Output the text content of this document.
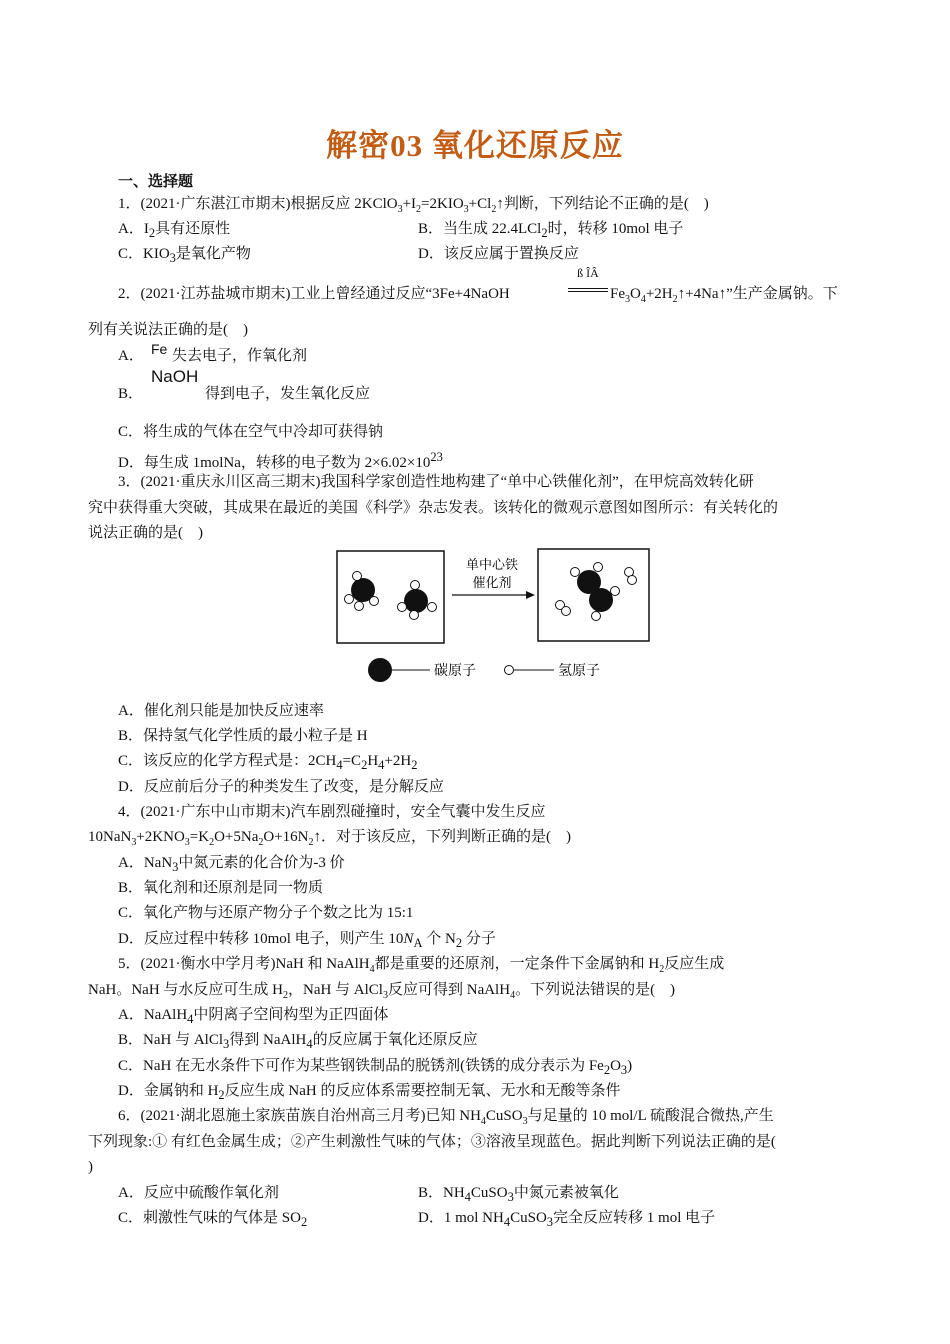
解密03 氧化还原反应
一、选择题
1．(2021·广东湛江市期末)根据反应 $2KClO_3+I_2=2KIO_3+Cl_2↑$判断，下列结论不正确的是(　)
A．$I_2$具有还原性	B．当生成 22.4LCl$_2$时，转移 10mol 电子
C．$KIO_3$是氧化产物	D．该反应属于置换反应
2．(2021·江苏盐城市期末)工业上曾经通过反应“3Fe+4NaOH
ß ÎÂ
$Fe_3O_4+2H_2↑+4Na↑$”生产金属钠。下
列有关说法正确的是(　)
A． Fe 失去电子，作氧化剂
B．
NaOH
得到电子，发生氧化反应
C．将生成的气体在空气中冷却可获得钠
D．每生成 1molNa，转移的电子数为 $2\times 6.02\times 10^{23}$
3．(2021·重庆永川区高三期末)我国科学家创造性地构建了“单中心铁催化剂”，在甲烷高效转化研
究中获得重大突破，其成果在最近的美国《科学》杂志发表。该转化的微观示意图如图所示：有关转化的
说法正确的是(　)
单中心铁
催化剂
碳原子	氢原子
A．催化剂只能是加快反应速率
B．保持氢气化学性质的最小粒子是 H
C．该反应的化学方程式是：$2CH_4=C_2H_4+2H_2$
D．反应前后分子的种类发生了改变，是分解反应
4．(2021·广东中山市期末)汽车剧烈碰撞时，安全气囊中发生反应
$10NaN_3+2KNO_3=K_2O+5Na_2O+16N_2↑$．对于该反应，下列判断正确的是(　)
A．NaN$_3$中氮元素的化合价为-3 价
B．氧化剂和还原剂是同一物质
C．氧化产物与还原产物分子个数之比为 15:1
D．反应过程中转移 10mol 电子，则产生 $10N_A$ 个 $N_2$ 分子
5．(2021·衡水中学月考)NaH 和 NaAlH$_4$都是重要的还原剂，一定条件下金属钠和 $H_2$反应生成
NaH。NaH 与水反应可生成 $H_2$，NaH 与 AlCl$_3$反应可得到 NaAlH$_4$。下列说法错误的是(　)
A．NaAlH$_4$中阴离子空间构型为正四面体
B．NaH 与 AlCl$_3$得到 NaAlH$_4$的反应属于氧化还原反应
C．NaH 在无水条件下可作为某些钢铁制品的脱锈剂(铁锈的成分表示为 $Fe_2O_3$)
D．金属钠和 $H_2$反应生成 NaH 的反应体系需要控制无氧、无水和无酸等条件
6．(2021·湖北恩施土家族苗族自治州高三月考)已知 $NH_4CuSO_3$与足量的 10 mol/L 硫酸混合微热,产生
下列现象:① 有红色金属生成；②产生刺激性气味的气体；③溶液呈现蓝色。据此判断下列说法正确的是(
)
A．反应中硫酸作氧化剂	B．$NH_4CuSO_3$中氮元素被氧化
C．刺激性气味的气体是 $SO_2$	D．1 mol $NH_4CuSO_3$完全反应转移 1 mol 电子
